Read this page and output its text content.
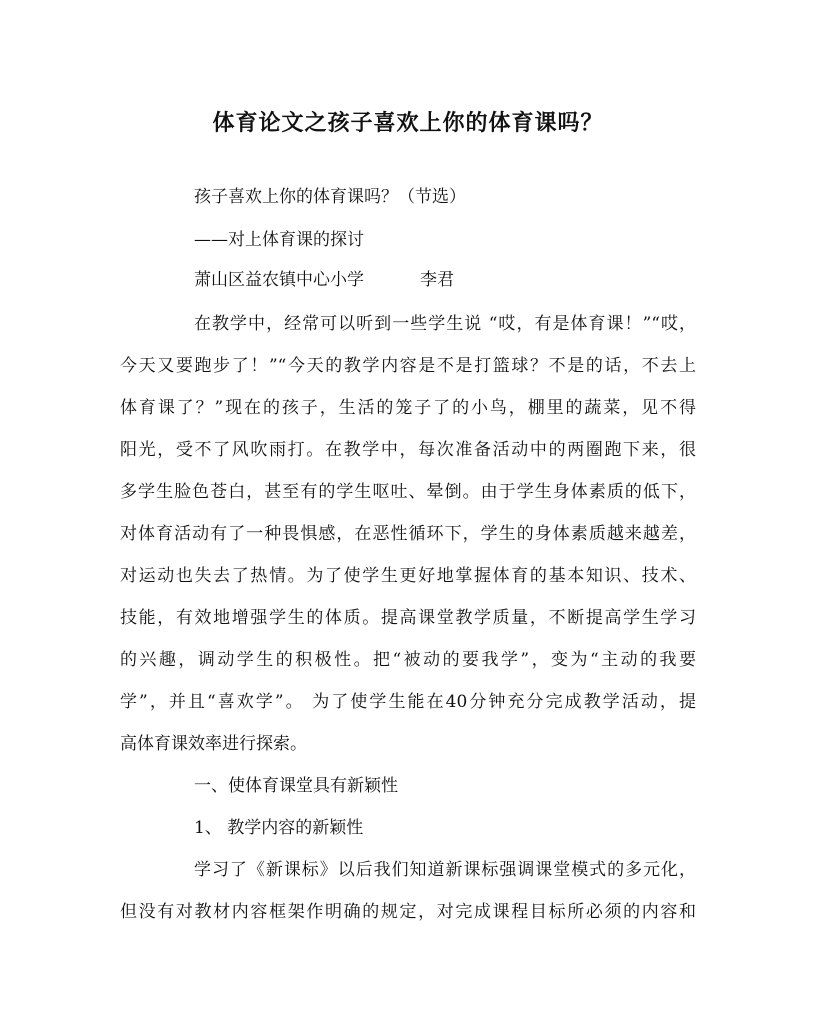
体育论文之孩子喜欢上你的体育课吗？
孩子喜欢上你的体育课吗？（节选）
——对上体育课的探讨
萧山区益农镇中心小学	李君
在教学中，经常可以听到一些学生说 “哎，有是体育课！”“哎，
今天又要跑步了！”“今天的教学内容是不是打篮球？不是的话，不去上
体育课了？”现在的孩子，生活的笼子了的小鸟，棚里的蔬菜，见不得
阳光，受不了风吹雨打。在教学中，每次准备活动中的两圈跑下来，很
多学生脸色苍白，甚至有的学生呕吐、晕倒。由于学生身体素质的低下，
对体育活动有了一种畏惧感，在恶性循环下，学生的身体素质越来越差，
对运动也失去了热情。为了使学生更好地掌握体育的基本知识、技术、
技能，有效地增强学生的体质。提高课堂教学质量，不断提高学生学习
的兴趣，调动学生的积极性。把“被动的要我学”，变为“主动的我要
学”，并且“喜欢学”。 为了使学生能在40分钟充分完成教学活动，提
高体育课效率进行探索。
一、使体育课堂具有新颖性
1、 教学内容的新颖性
学习了《新课标》以后我们知道新课标强调课堂模式的多元化，
但没有对教材内容框架作明确的规定，对完成课程目标所必须的内容和
